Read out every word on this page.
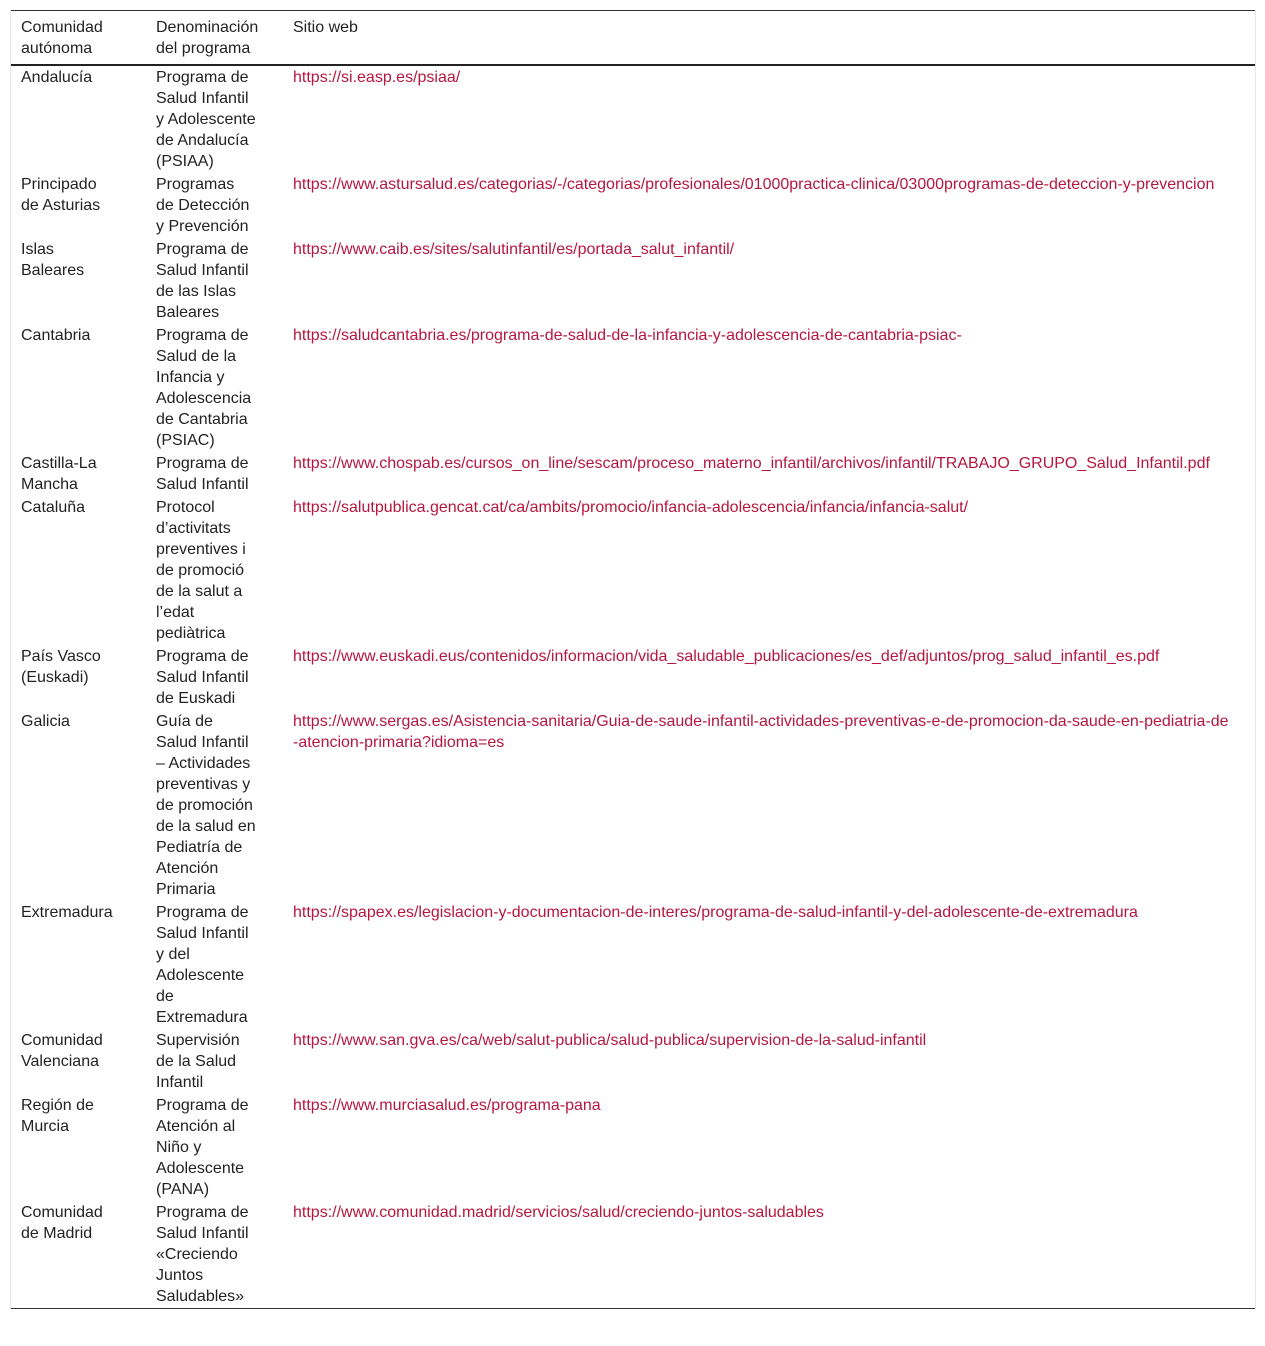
Comunidad autónoma	Denominación del programa	Sitio web

Andalucía	Programa de Salud Infantil y Adolescente de Andalucía (PSIAA)	https://si.easp.es/psiaa/

Principado de Asturias	Programas de Detección y Prevención	https://www.astursalud.es/categorias/-/categorias/profesionales/01000practica-clinica/03000programas-de-deteccion-y-prevencion

Islas Baleares	Programa de Salud Infantil de las Islas Baleares	https://www.caib.es/sites/salutinfantil/es/portada_salut_infantil/

Cantabria	Programa de Salud de la Infancia y Adolescencia de Cantabria (PSIAC)	https://saludcantabria.es/programa-de-salud-de-la-infancia-y-adolescencia-de-cantabria-psiac-

Castilla-La Mancha	Programa de Salud Infantil	https://www.chospab.es/cursos_on_line/sescam/proceso_materno_infantil/archivos/infantil/TRABAJO_GRUPO_Salud_Infantil.pdf

Cataluña	Protocol d’activitats preventives i de promoció de la salut a l’edat pediàtrica	https://salutpublica.gencat.cat/ca/ambits/promocio/infancia-adolescencia/infancia/infancia-salut/

País Vasco (Euskadi)	Programa de Salud Infantil de Euskadi	https://www.euskadi.eus/contenidos/informacion/vida_saludable_publicaciones/es_def/adjuntos/prog_salud_infantil_es.pdf

Galicia	Guía de Salud Infantil – Actividades preventivas y de promoción de la salud en Pediatría de Atención Primaria	https://www.sergas.es/Asistencia-sanitaria/Guia-de-saude-infantil-actividades-preventivas-e-de-promocion-da-saude-en-pediatria-de-atencion-primaria?idioma=es

Extremadura	Programa de Salud Infantil y del Adolescente de Extremadura	https://spapex.es/legislacion-y-documentacion-de-interes/programa-de-salud-infantil-y-del-adolescente-de-extremadura

Comunidad Valenciana	Supervisión de la Salud Infantil	https://www.san.gva.es/ca/web/salut-publica/salud-publica/supervision-de-la-salud-infantil

Región de Murcia	Programa de Atención al Niño y Adolescente (PANA)	https://www.murciasalud.es/programa-pana

Comunidad de Madrid	Programa de Salud Infantil «Creciendo Juntos Saludables»	https://www.comunidad.madrid/servicios/salud/creciendo-juntos-saludables
